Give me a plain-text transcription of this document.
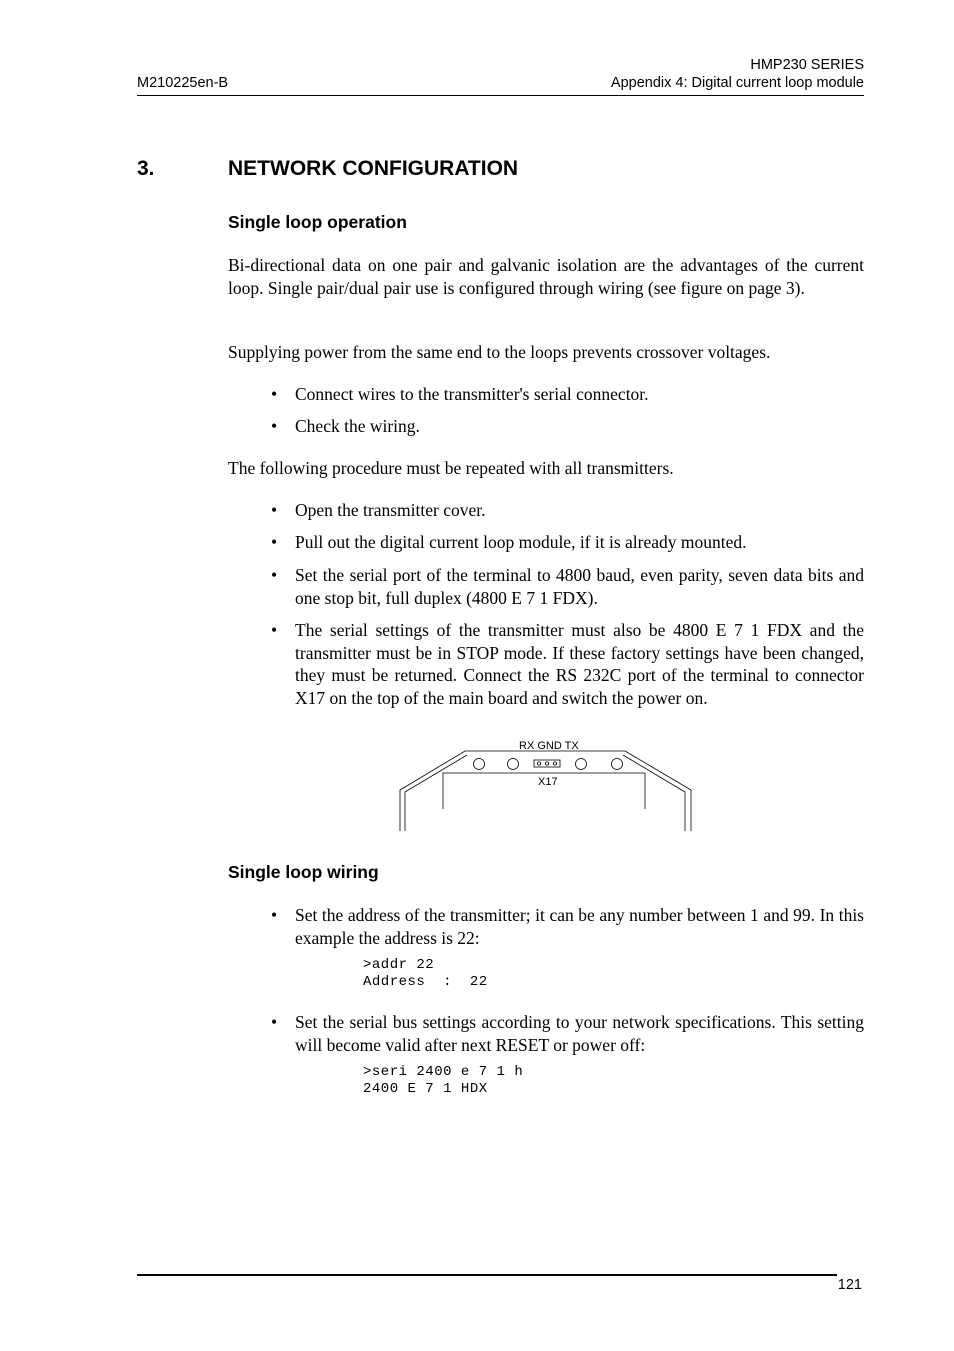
HMP230 SERIES
M210225en-B	Appendix 4: Digital current loop module
3.	NETWORK CONFIGURATION
Single loop operation
Bi-directional data on one pair and galvanic isolation are the advantages of the current loop. Single pair/dual pair use is configured through wiring (see figure on page 3).
Supplying power from the same end to the loops prevents crossover voltages.
• Connect wires to the transmitter's serial connector.
• Check the wiring.
The following procedure must be repeated with all transmitters.
• Open the transmitter cover.
• Pull out the digital current loop module, if it is already mounted.
• Set the serial port of the terminal to 4800 baud, even parity, seven data bits and one stop bit, full duplex (4800 E 7 1 FDX).
• The serial settings of the transmitter must also be 4800 E 7 1 FDX and the transmitter must be in STOP mode. If these factory settings have been changed, they must be returned. Connect the RS 232C port of the terminal to connector X17 on the top of the main board and switch the power on.
RX GND TX
X17
Single loop wiring
• Set the address of the transmitter; it can be any number between 1 and 99. In this example the address is 22:
>addr 22
Address  :  22
• Set the serial bus settings according to your network specifications. This setting will become valid after next RESET or power off:
>seri 2400 e 7 1 h
2400 E 7 1 HDX
121
